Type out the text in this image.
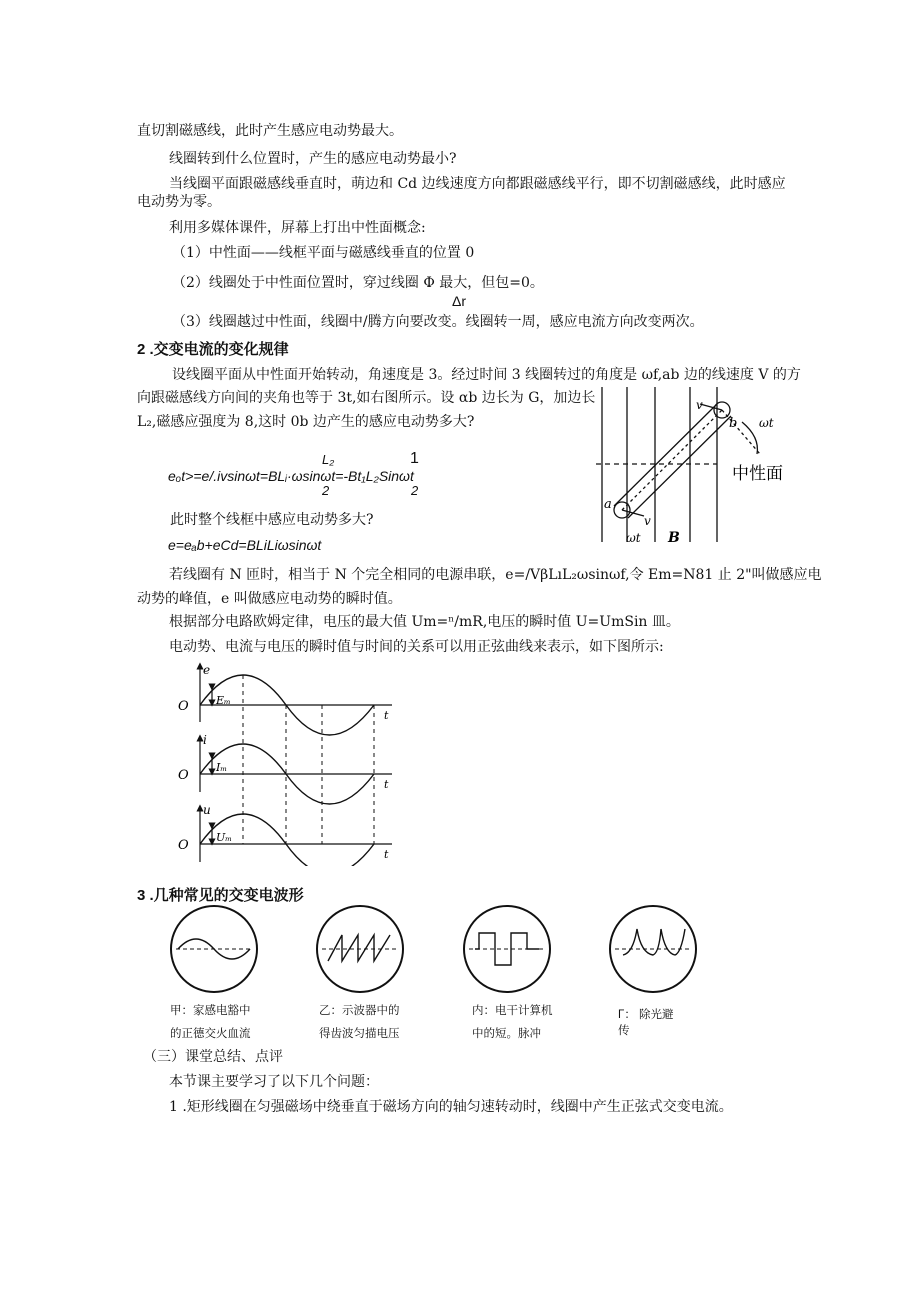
直切割磁感线，此时产生感应电动势最大。
线圈转到什么位置时，产生的感应电动势最小?
当线圈平面跟磁感线垂直时，萌边和 Cd 边线速度方向都跟磁感线平行，即不切割磁感线，此时感应
电动势为零。
利用多媒体课件，屏幕上打出中性面概念:
（1）中性面——线框平面与磁感线垂直的位置 0
（2）线圈处于中性面位置时，穿过线圈 Φ 最大，但包=0。
Δr
（3）线圈越过中性面，线圈中/腾方向要改变。线圈转一周，感应电流方向改变两次。
2 .交变电流的变化规律
设线圈平面从中性面开始转动，角速度是 3。经过时间 3 线圈转过的角度是 ωf,ab 边的线速度 V 的方
向跟磁感线方向间的夹角也等于 3t,如右图所示。设 αb 边长为 G，加边长
L₂,磁感应强度为 8,这时 0b 边产生的感应电动势多大?
L₂	1
eₒt>=e/.ivsinωt=BLᵢ·ωsinωt=-Bt₁L₂Sinωt
2	2
此时整个线框中感应电动势多大?
e=eₐb+eCd=BLiLiωsinωt
v
b ωt
中性面
a
v
ωt B
若线圈有 N 匝时，相当于 N 个完全相同的电源串联，e=/VβLıL₂ωsinωf,令 Em=N81 止 2"叫做感应电
动势的峰值，e 叫做感应电动势的瞬时值。
根据部分电路欧姆定律，电压的最大值 Um=ⁿ/mR,电压的瞬时值 U=UmSin 皿。
电动势、电流与电压的瞬时值与时间的关系可以用正弦曲线来表示，如下图所示:
e
O Eₘ
t
i
O
Iₘ
t
u
O
Uₘ
t
3 .几种常见的交变电波形
甲：家感电豁中
的正德交火血流
乙：示波器中的
得齿波匀描电压
内：电干计算机
中的短。脉冲
Γ： 除光避
传
（三）课堂总结、点评
本节课主要学习了以下几个问题：
1 .矩形线圈在匀强磁场中绕垂直于磁场方向的轴匀速转动时，线圈中产生正弦式交变电流。
